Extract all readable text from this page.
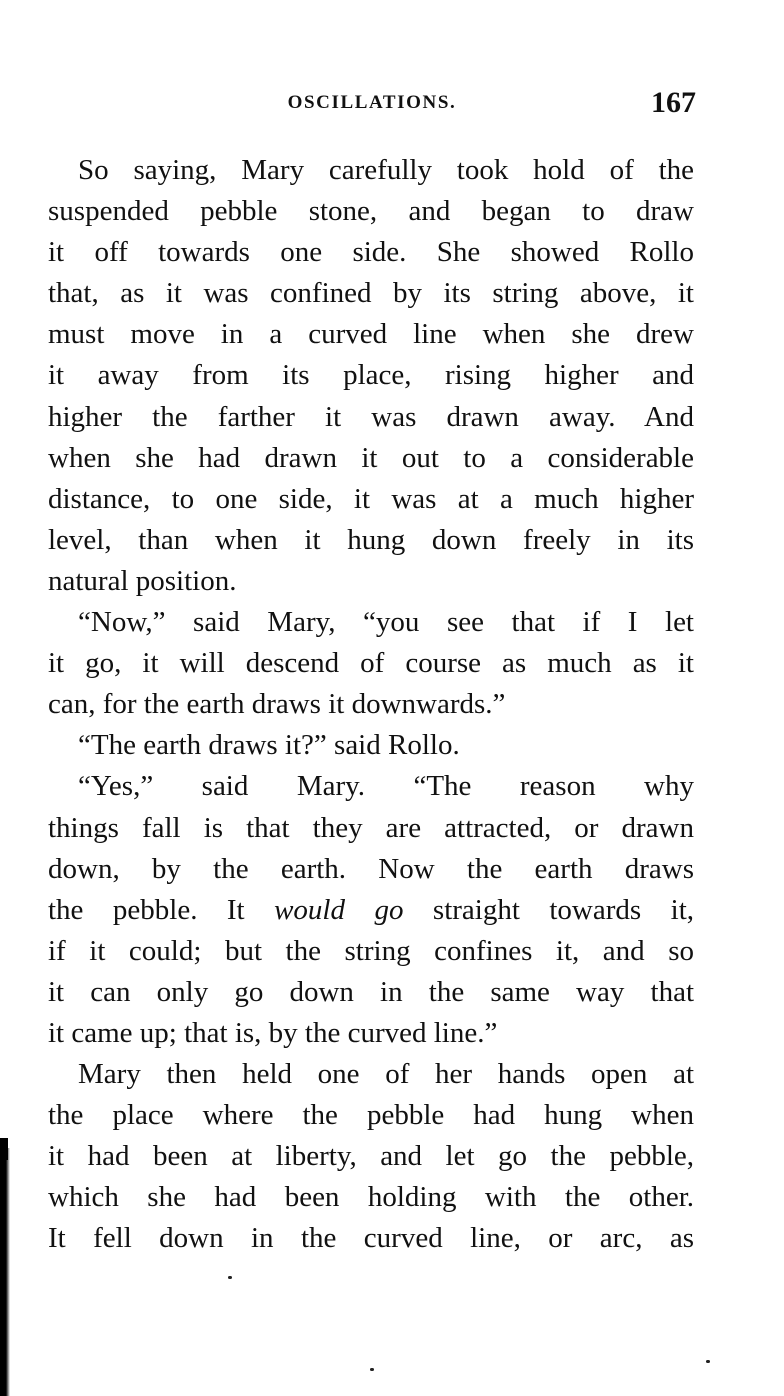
OSCILLATIONS.	167
So saying, Mary carefully took hold of the
suspended pebble stone, and began to draw
it off towards one side. She showed Rollo
that, as it was confined by its string above, it
must move in a curved line when she drew
it away from its place, rising higher and
higher the farther it was drawn away. And
when she had drawn it out to a considerable
distance, to one side, it was at a much higher
level, than when it hung down freely in its
natural position.
“Now,” said Mary, “you see that if I let
it go, it will descend of course as much as it
can, for the earth draws it downwards.”
“The earth draws it?” said Rollo.
“Yes,” said Mary. “The reason why
things fall is that they are attracted, or drawn
down, by the earth. Now the earth draws
the pebble. It would go straight towards it,
if it could; but the string confines it, and so
it can only go down in the same way that
it came up; that is, by the curved line.”
Mary then held one of her hands open at
the place where the pebble had hung when
it had been at liberty, and let go the pebble,
which she had been holding with the other.
It fell down in the curved line, or arc, as
